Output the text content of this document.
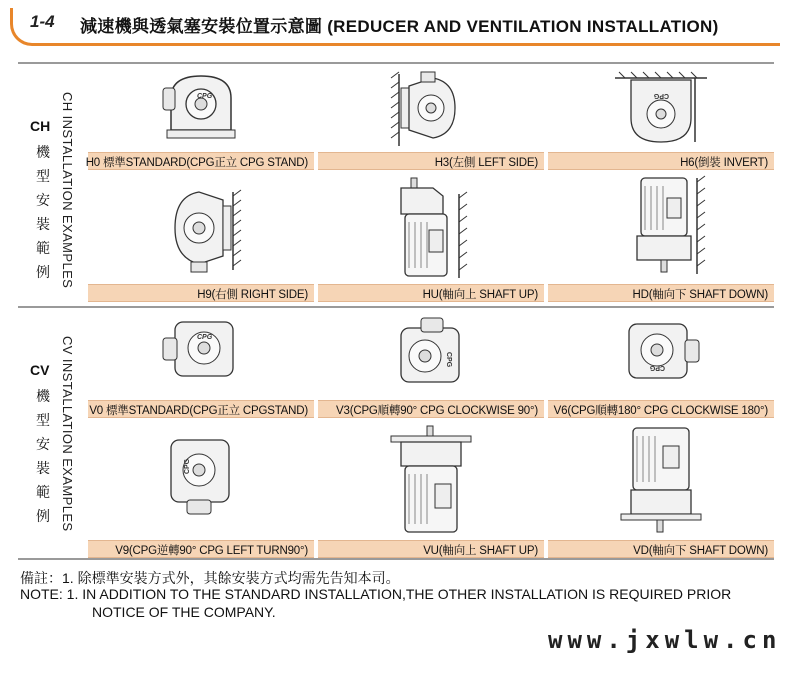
1-4 減速機與透氣塞安裝位置示意圖 (REDUCER AND VENTILATION INSTALLATION)
CH INSTALLATION EXAMPLES
CH
機型安裝範例
CPG
H0 標準STANDARD(CPG正立 CPG STAND)	H3(左側 LEFT SIDE)
CPG
H6(倒裝 INVERT)
H9(右側 RIGHT SIDE)	HU(軸向上 SHAFT UP)	HD(軸向下 SHAFT DOWN)
CV INSTALLATION EXAMPLES
CV
機型安裝範例
CPG
V0 標準STANDARD(CPG正立 CPGSTAND)
CPG
V3(CPG順轉90° CPG CLOCKWISE 90°)
CPG
V6(CPG順轉180° CPG CLOCKWISE 180°)
CPG
V9(CPG逆轉90° CPG LEFT TURN90°)	VU(軸向上 SHAFT UP)	VD(軸向下 SHAFT DOWN)
備註：1. 除標準安裝方式外，其餘安裝方式均需先告知本司。
NOTE: 1. IN ADDITION TO THE STANDARD INSTALLATION,THE OTHER INSTALLATION IS REQUIRED PRIOR
NOTICE OF THE COMPANY.
www.jxwlw.cn
